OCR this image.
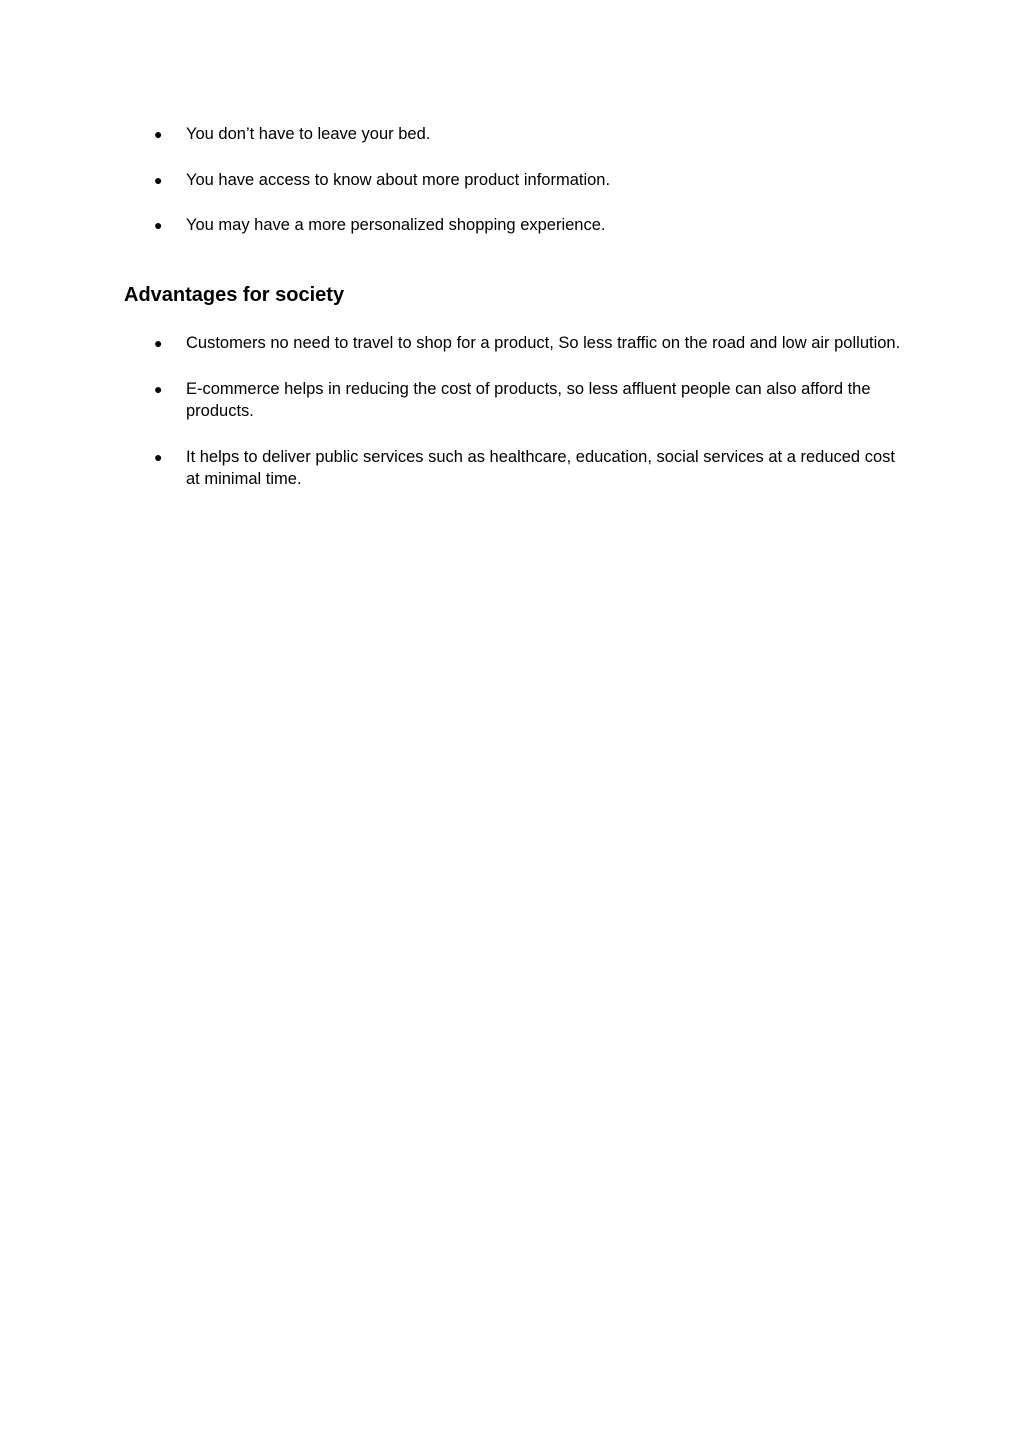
● You don’t have to leave your bed.
● You have access to know about more product information.
● You may have a more personalized shopping experience.
Advantages for society
● Customers no need to travel to shop for a product, So less traffic on the road and low air pollution.
● E-commerce helps in reducing the cost of products, so less affluent people can also afford the products.
● It helps to deliver public services such as healthcare, education, social services at a reduced cost at minimal time.
